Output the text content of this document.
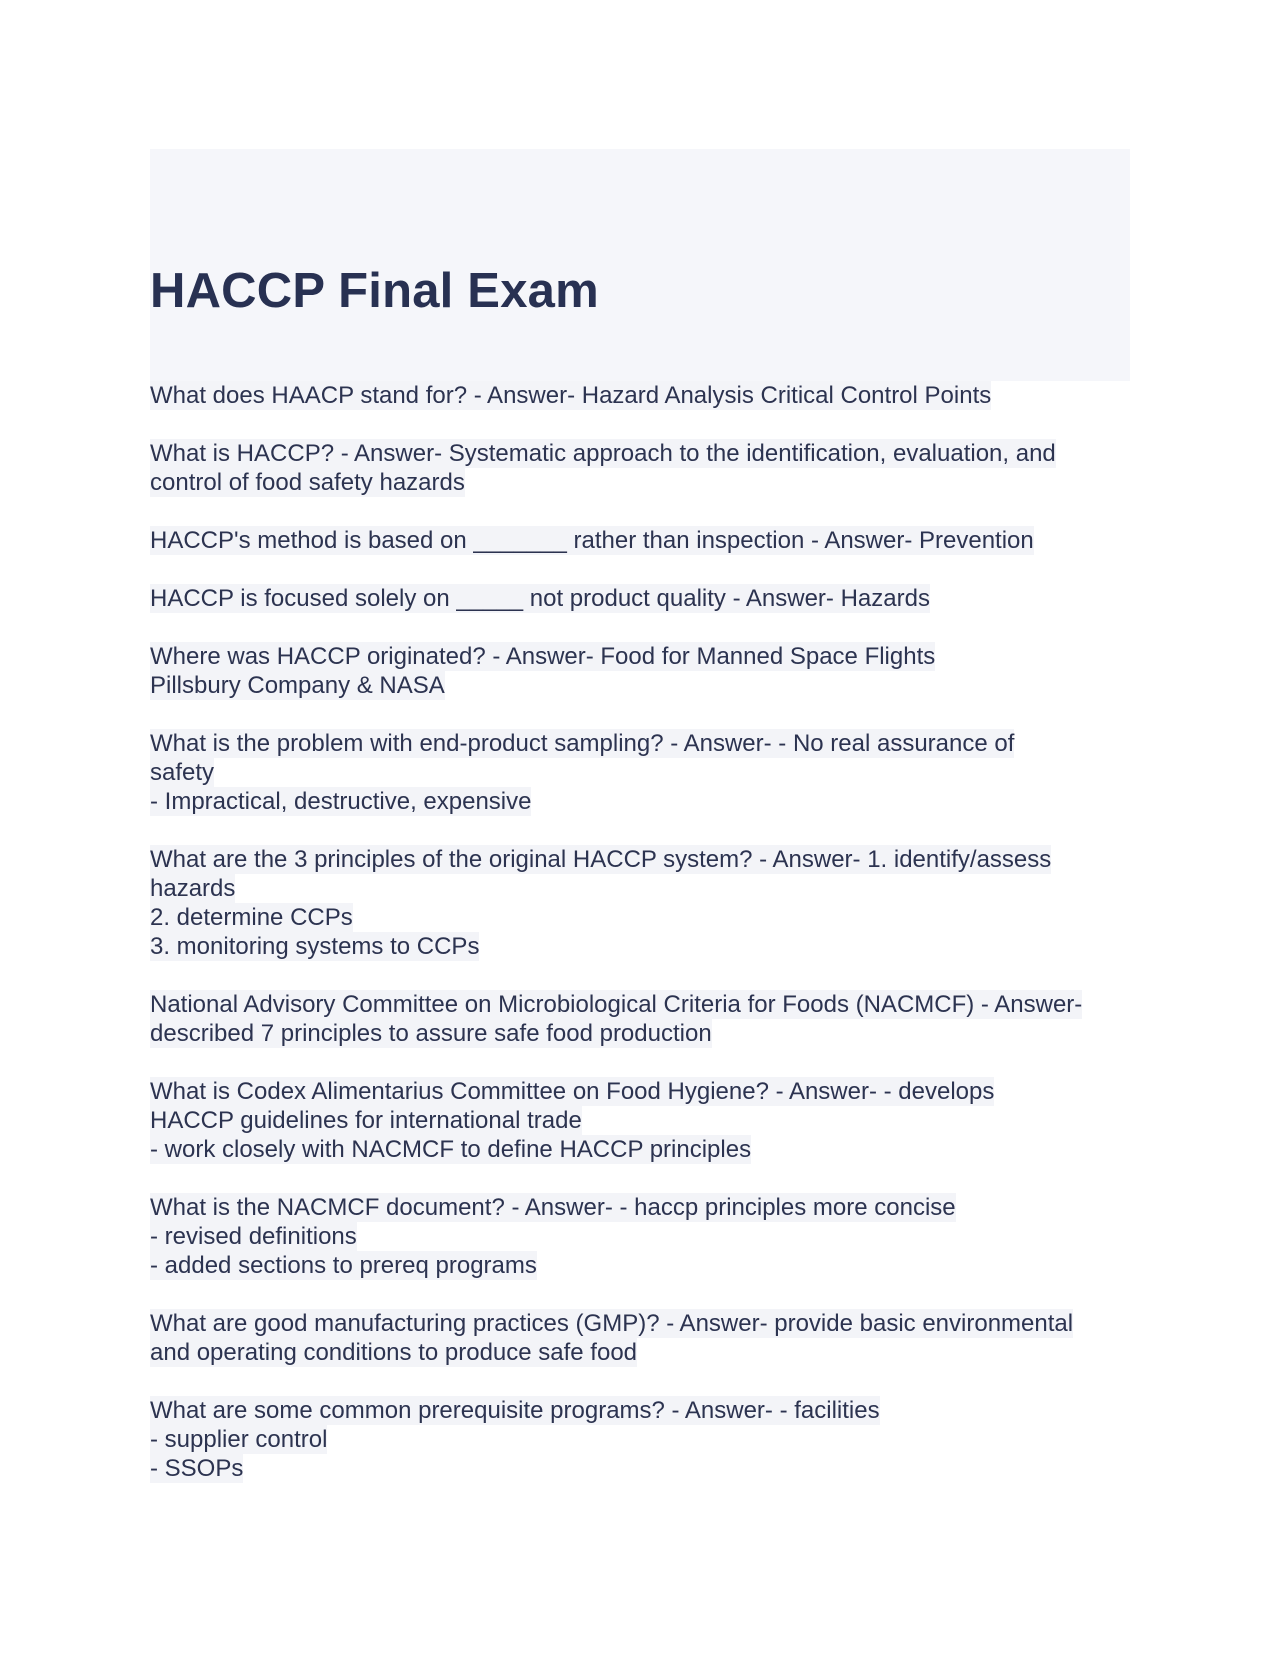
HACCP Final Exam
What does HAACP stand for? - Answer- Hazard Analysis Critical Control Points
What is HACCP? - Answer- Systematic approach to the identification, evaluation, and
control of food safety hazards
HACCP's method is based on _______ rather than inspection - Answer- Prevention
HACCP is focused solely on _____ not product quality - Answer- Hazards
Where was HACCP originated? - Answer- Food for Manned Space Flights
Pillsbury Company & NASA
What is the problem with end-product sampling? - Answer- - No real assurance of
safety
- Impractical, destructive, expensive
What are the 3 principles of the original HACCP system? - Answer- 1. identify/assess
hazards
2. determine CCPs
3. monitoring systems to CCPs
National Advisory Committee on Microbiological Criteria for Foods (NACMCF) - Answer-
described 7 principles to assure safe food production
What is Codex Alimentarius Committee on Food Hygiene? - Answer- - develops
HACCP guidelines for international trade
- work closely with NACMCF to define HACCP principles
What is the NACMCF document? - Answer- - haccp principles more concise
- revised definitions
- added sections to prereq programs
What are good manufacturing practices (GMP)? - Answer- provide basic environmental
and operating conditions to produce safe food
What are some common prerequisite programs? - Answer- - facilities
- supplier control
- SSOPs
